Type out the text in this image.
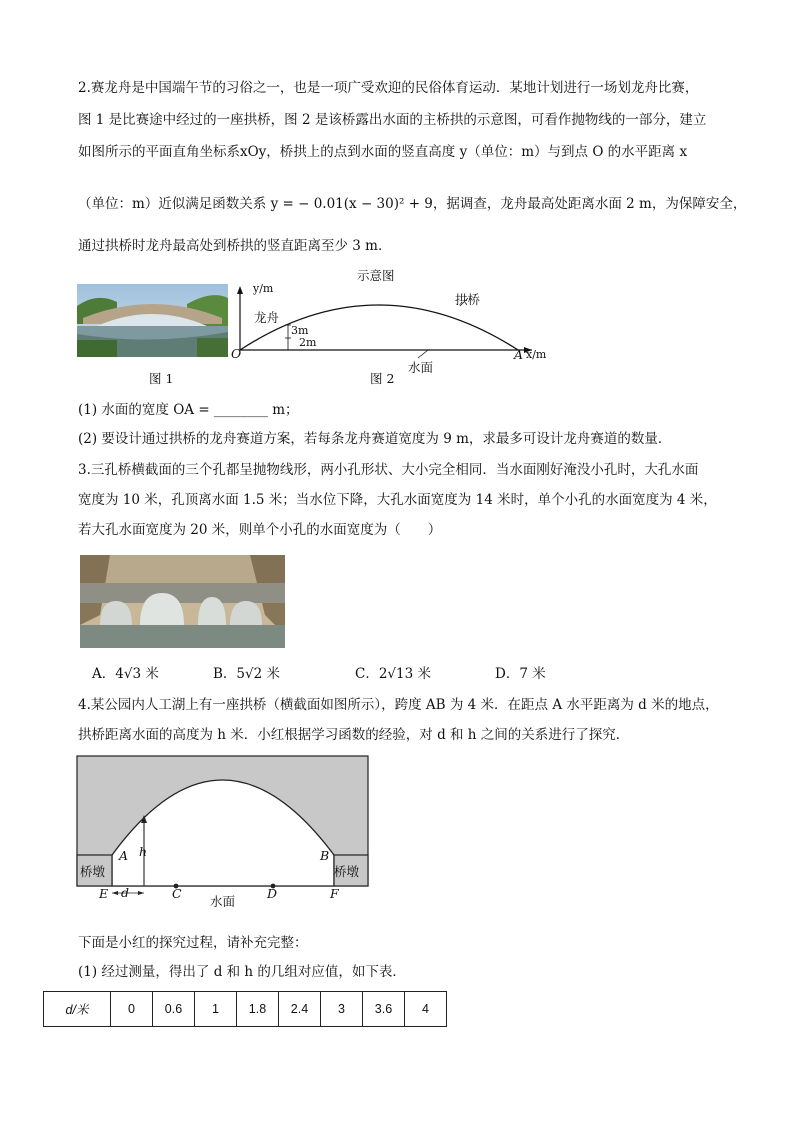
2.赛龙舟是中国端午节的习俗之一，也是一项广受欢迎的民俗体育运动．某地计划进行一场划龙舟比赛，
图 1 是比赛途中经过的一座拱桥，图 2 是该桥露出水面的主桥拱的示意图，可看作抛物线的一部分，建立
如图所示的平面直角坐标系xOy，桥拱上的点到水面的竖直高度 y（单位：m）与到点 O 的水平距离 x
（单位：m）近似满足函数关系 y = − 0.01(x − 30)² + 9，据调查，龙舟最高处距离水面 2 m，为保障安全，
通过拱桥时龙舟最高处到桥拱的竖直距离至少 3 m．
图 1
示意图
y/m
x/m
O	A
拱桥
龙舟
3m
2m
水面
图 2
(1) 水面的宽度 OA = ________ m；
(2) 要设计通过拱桥的龙舟赛道方案，若每条龙舟赛道宽度为 9 m，求最多可设计龙舟赛道的数量．
3.三孔桥横截面的三个孔都呈抛物线形，两小孔形状、大小完全相同．当水面刚好淹没小孔时，大孔水面
宽度为 10 米，孔顶离水面 1.5 米；当水位下降，大孔水面宽度为 14 米时，单个小孔的水面宽度为 4 米，
若大孔水面宽度为 20 米，则单个小孔的水面宽度为（　　）
A．4√3 米	B．5√2 米	C．2√13 米	D．7 米
4.某公园内人工湖上有一座拱桥（横截面如图所示），跨度 AB 为 4 米．在距点 A 水平距离为 d 米的地点，
拱桥距离水面的高度为 h 米．小红根据学习函数的经验，对 d 和 h 之间的关系进行了探究．
桥墩	桥墩
A	B
h
d
E	C	D	F
水面
下面是小红的探究过程，请补充完整：
(1) 经过测量，得出了 d 和 h 的几组对应值，如下表．
d/米	0	0.6	1	1.8	2.4	3	3.6	4
